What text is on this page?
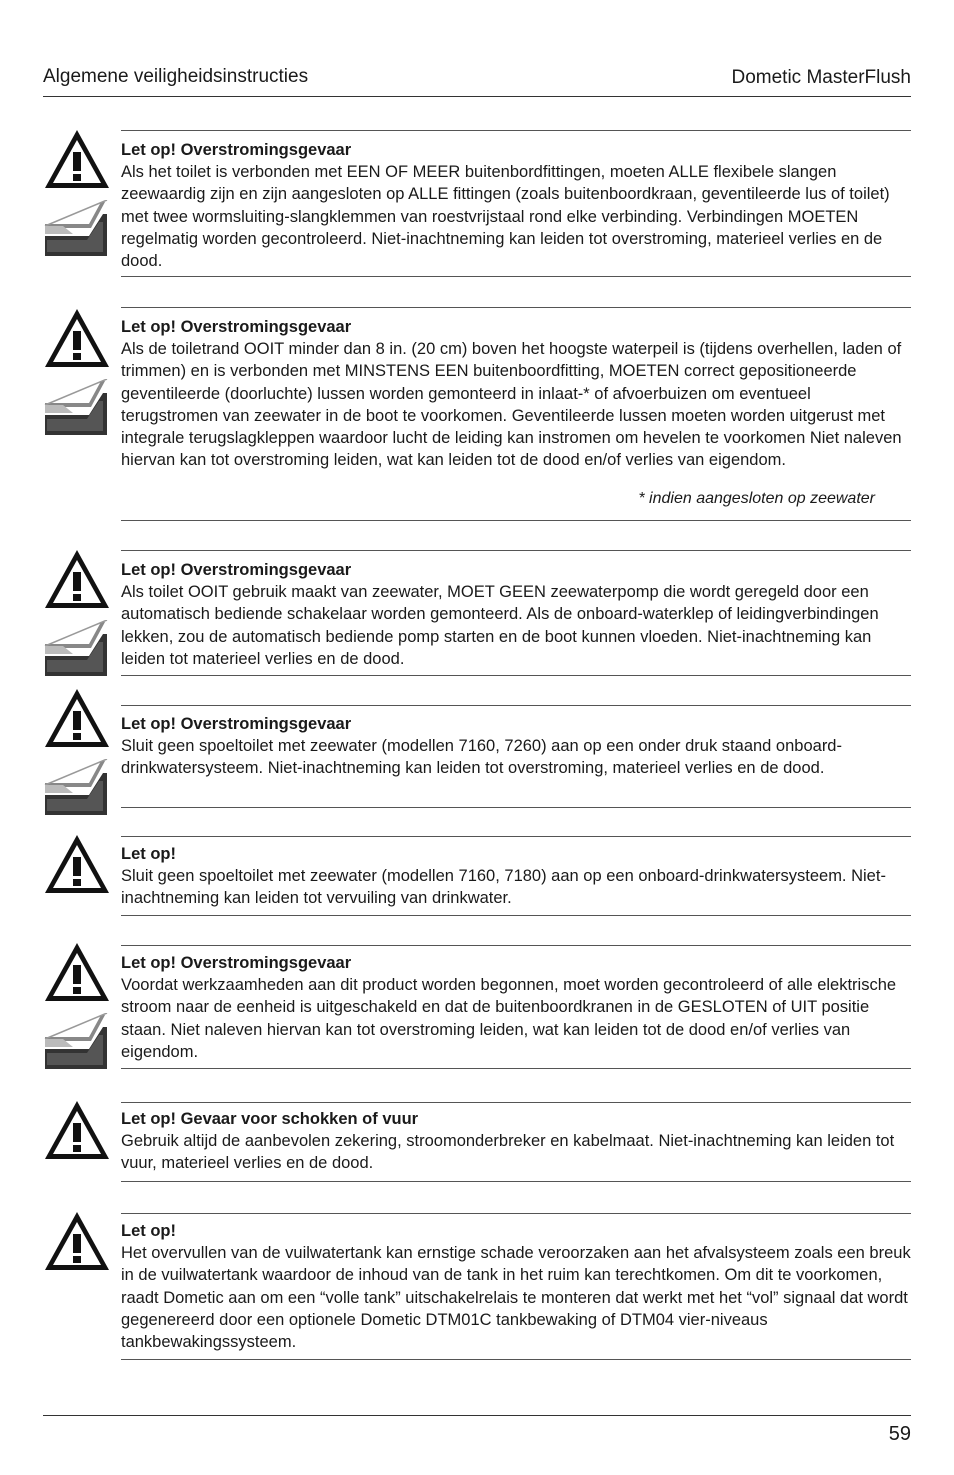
Algemene veiligheidsinstructies	Dometic MasterFlush
Let op! Overstromingsgevaar
Als het toilet is verbonden met EEN OF MEER buitenbordfittingen, moeten ALLE flexibele slangen zeewaardig zijn en zijn aangesloten op ALLE fittingen (zoals buitenboordkraan, geventileerde lus of toilet) met twee wormsluiting-slangklemmen van roestvrijstaal rond elke verbinding. Verbindingen MOETEN regelmatig worden gecontroleerd. Niet-inachtneming kan leiden tot overstroming, materieel verlies en de dood.
Let op! Overstromingsgevaar
Als de toiletrand OOIT minder dan 8 in. (20 cm) boven het hoogste waterpeil is (tijdens overhellen, laden of trimmen) en is verbonden met MINSTENS EEN buitenboordfitting, MOETEN correct gepositioneerde geventileerde (doorluchte) lussen worden gemonteerd in inlaat-* of afvoerbuizen om eventueel terugstromen van zeewater in de boot te voorkomen. Geventileerde lussen moeten worden uitgerust met integrale terugslagkleppen waardoor lucht de leiding kan instromen om hevelen te voorkomen Niet naleven hiervan kan tot overstroming leiden, wat kan leiden tot de dood en/of verlies van eigendom.
* indien aangesloten op zeewater
Let op! Overstromingsgevaar
Als toilet OOIT gebruik maakt van zeewater, MOET GEEN zeewaterpomp die wordt geregeld door een automatisch bediende schakelaar worden gemonteerd. Als de onboard-waterklep of leidingverbindingen lekken, zou de automatisch bediende pomp starten en de boot kunnen vloeden. Niet-inachtneming kan leiden tot materieel verlies en de dood.
Let op! Overstromingsgevaar
Sluit geen spoeltoilet met zeewater (modellen 7160, 7260) aan op een onder druk staand onboard-drinkwatersysteem. Niet-inachtneming kan leiden tot overstroming, materieel verlies en de dood.
Let op!
Sluit geen spoeltoilet met zeewater (modellen 7160, 7180) aan op een onboard-drinkwatersysteem. Niet-inachtneming kan leiden tot vervuiling van drinkwater.
Let op! Overstromingsgevaar
Voordat werkzaamheden aan dit product worden begonnen, moet worden gecontroleerd of alle elektrische stroom naar de eenheid is uitgeschakeld en dat de buitenboordkranen in de GESLOTEN of UIT positie staan. Niet naleven hiervan kan tot overstroming leiden, wat kan leiden tot de dood en/of verlies van eigendom.
Let op! Gevaar voor schokken of vuur
Gebruik altijd de aanbevolen zekering, stroomonderbreker en kabelmaat. Niet-inachtneming kan leiden tot vuur, materieel verlies en de dood.
Let op!
Het overvullen van de vuilwatertank kan ernstige schade veroorzaken aan het afvalsysteem zoals een breuk in de vuilwatertank waardoor de inhoud van de tank in het ruim kan terechtkomen. Om dit te voorkomen, raadt Dometic aan om een “volle tank” uitschakelrelais te monteren dat werkt met het “vol” signaal dat wordt gegenereerd door een optionele Dometic DTM01C tankbewaking of DTM04 vier-niveaus tankbewakingssysteem.
59
